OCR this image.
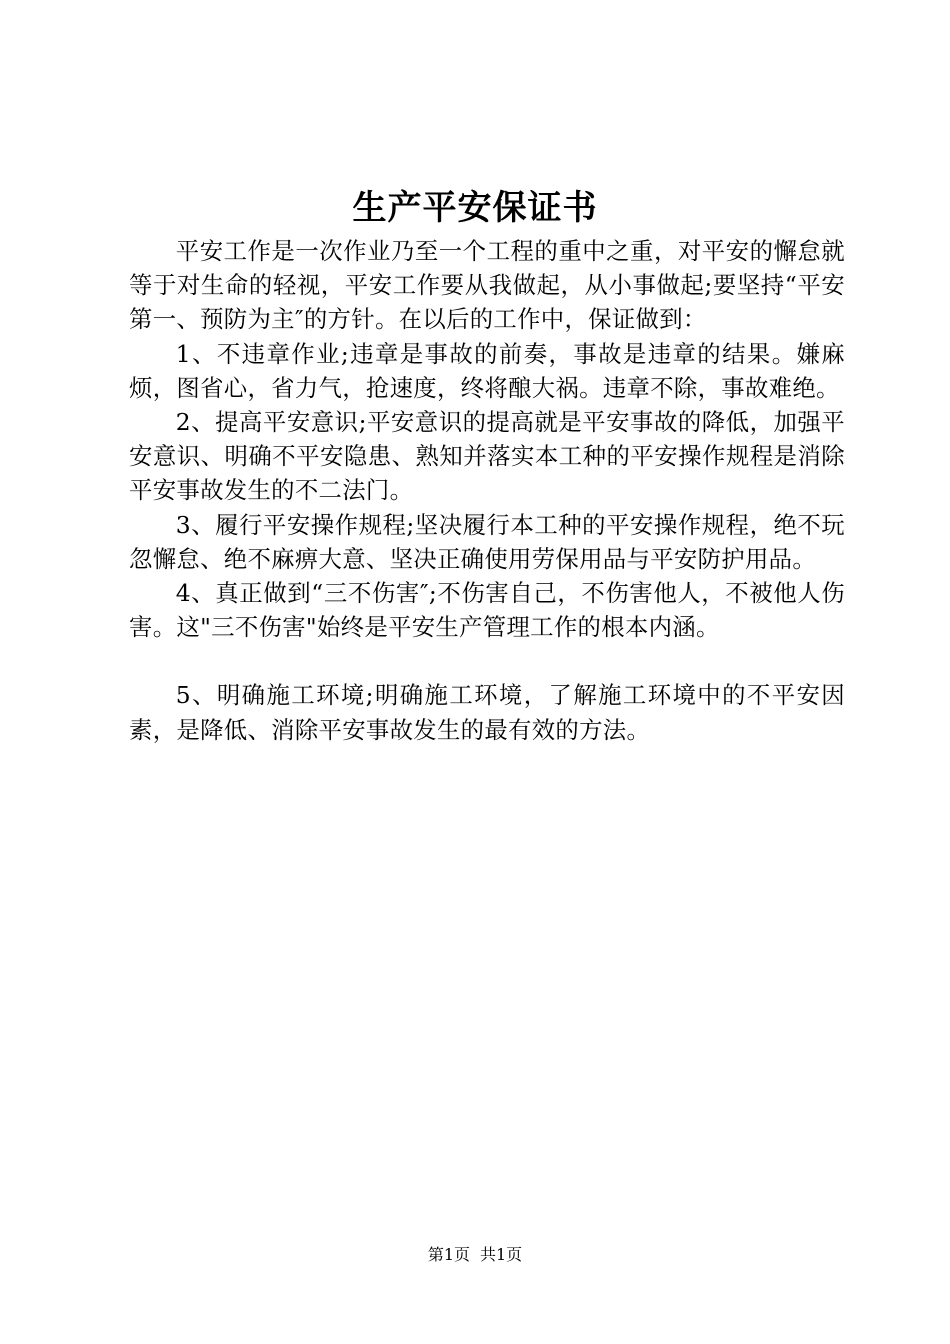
生产平安保证书

平安工作是一次作业乃至一个工程的重中之重，对平安的懈怠就等于对生命的轻视，平安工作要从我做起，从小事做起;要坚持“平安第一、预防为主″的方针。在以后的工作中，保证做到：

1、不违章作业;违章是事故的前奏，事故是违章的结果。嫌麻烦，图省心，省力气，抢速度，终将酿大祸。违章不除，事故难绝。

2、提高平安意识;平安意识的提高就是平安事故的降低，加强平安意识、明确不平安隐患、熟知并落实本工种的平安操作规程是消除平安事故发生的不二法门。

3、履行平安操作规程;坚决履行本工种的平安操作规程，绝不玩忽懈怠、绝不麻痹大意、坚决正确使用劳保用品与平安防护用品。

4、真正做到“三不伤害″;不伤害自己，不伤害他人，不被他人伤害。这"三不伤害"始终是平安生产管理工作的根本内涵。

5、明确施工环境;明确施工环境，了解施工环境中的不平安因素，是降低、消除平安事故发生的最有效的方法。

第1页 共1页
